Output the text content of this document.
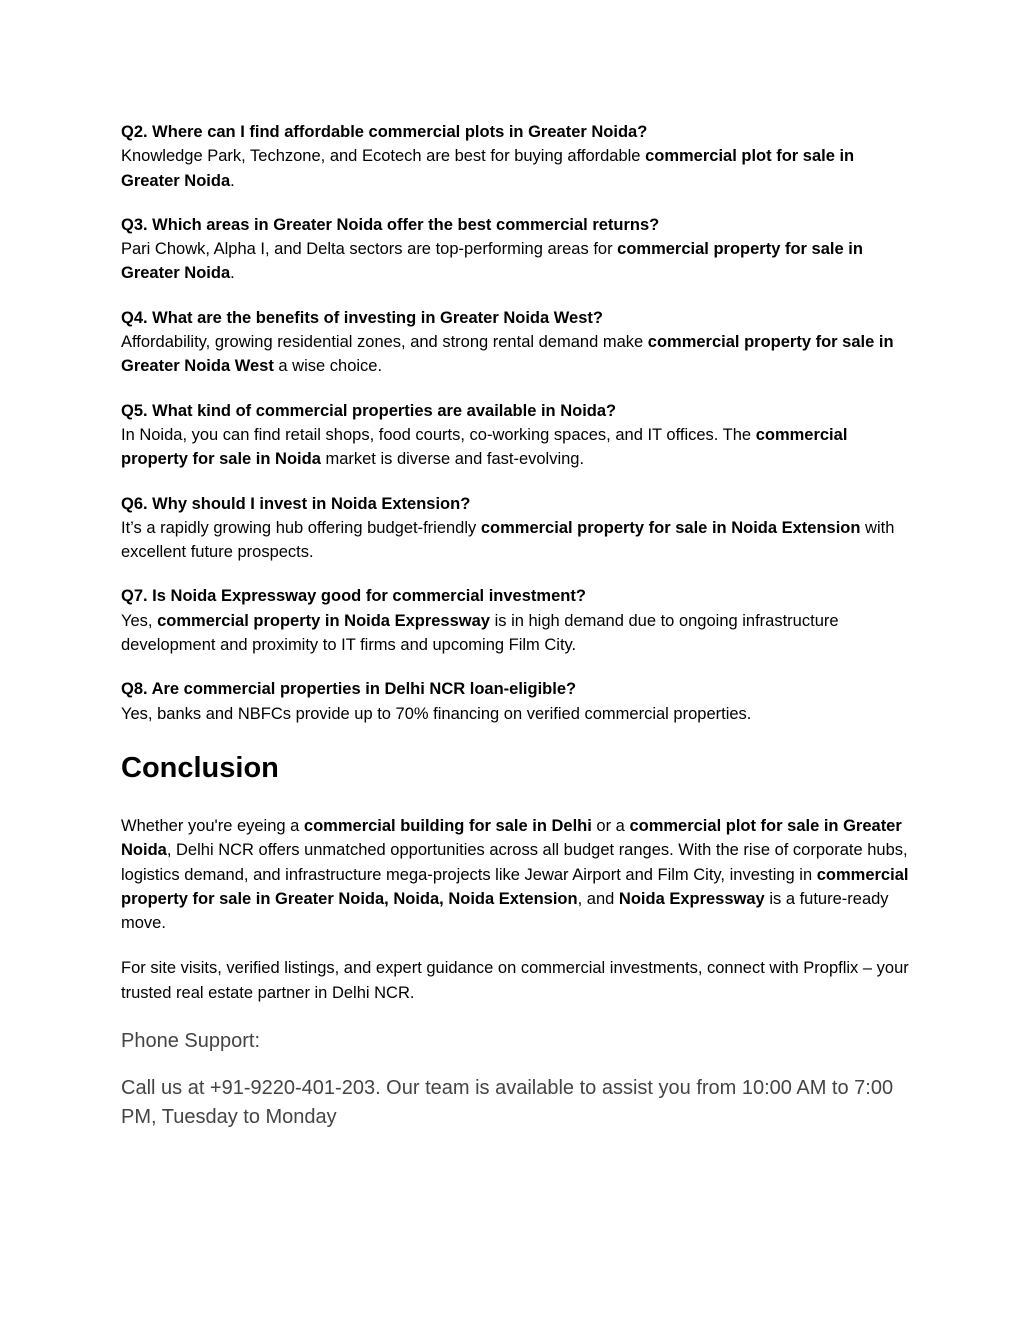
Q2. Where can I find affordable commercial plots in Greater Noida?
Knowledge Park, Techzone, and Ecotech are best for buying affordable commercial plot for sale in Greater Noida.
Q3. Which areas in Greater Noida offer the best commercial returns?
Pari Chowk, Alpha I, and Delta sectors are top-performing areas for commercial property for sale in Greater Noida.
Q4. What are the benefits of investing in Greater Noida West?
Affordability, growing residential zones, and strong rental demand make commercial property for sale in Greater Noida West a wise choice.
Q5. What kind of commercial properties are available in Noida?
In Noida, you can find retail shops, food courts, co-working spaces, and IT offices. The commercial property for sale in Noida market is diverse and fast-evolving.
Q6. Why should I invest in Noida Extension?
It’s a rapidly growing hub offering budget-friendly commercial property for sale in Noida Extension with excellent future prospects.
Q7. Is Noida Expressway good for commercial investment?
Yes, commercial property in Noida Expressway is in high demand due to ongoing infrastructure development and proximity to IT firms and upcoming Film City.
Q8. Are commercial properties in Delhi NCR loan-eligible?
Yes, banks and NBFCs provide up to 70% financing on verified commercial properties.
Conclusion

Whether you're eyeing a commercial building for sale in Delhi or a commercial plot for sale in Greater Noida, Delhi NCR offers unmatched opportunities across all budget ranges. With the rise of corporate hubs, logistics demand, and infrastructure mega-projects like Jewar Airport and Film City, investing in commercial property for sale in Greater Noida, Noida, Noida Extension, and Noida Expressway is a future-ready move.

For site visits, verified listings, and expert guidance on commercial investments, connect with Propflix – your trusted real estate partner in Delhi NCR.

Phone Support:

Call us at +91-9220-401-203. Our team is available to assist you from 10:00 AM to 7:00 PM, Tuesday to Monday
